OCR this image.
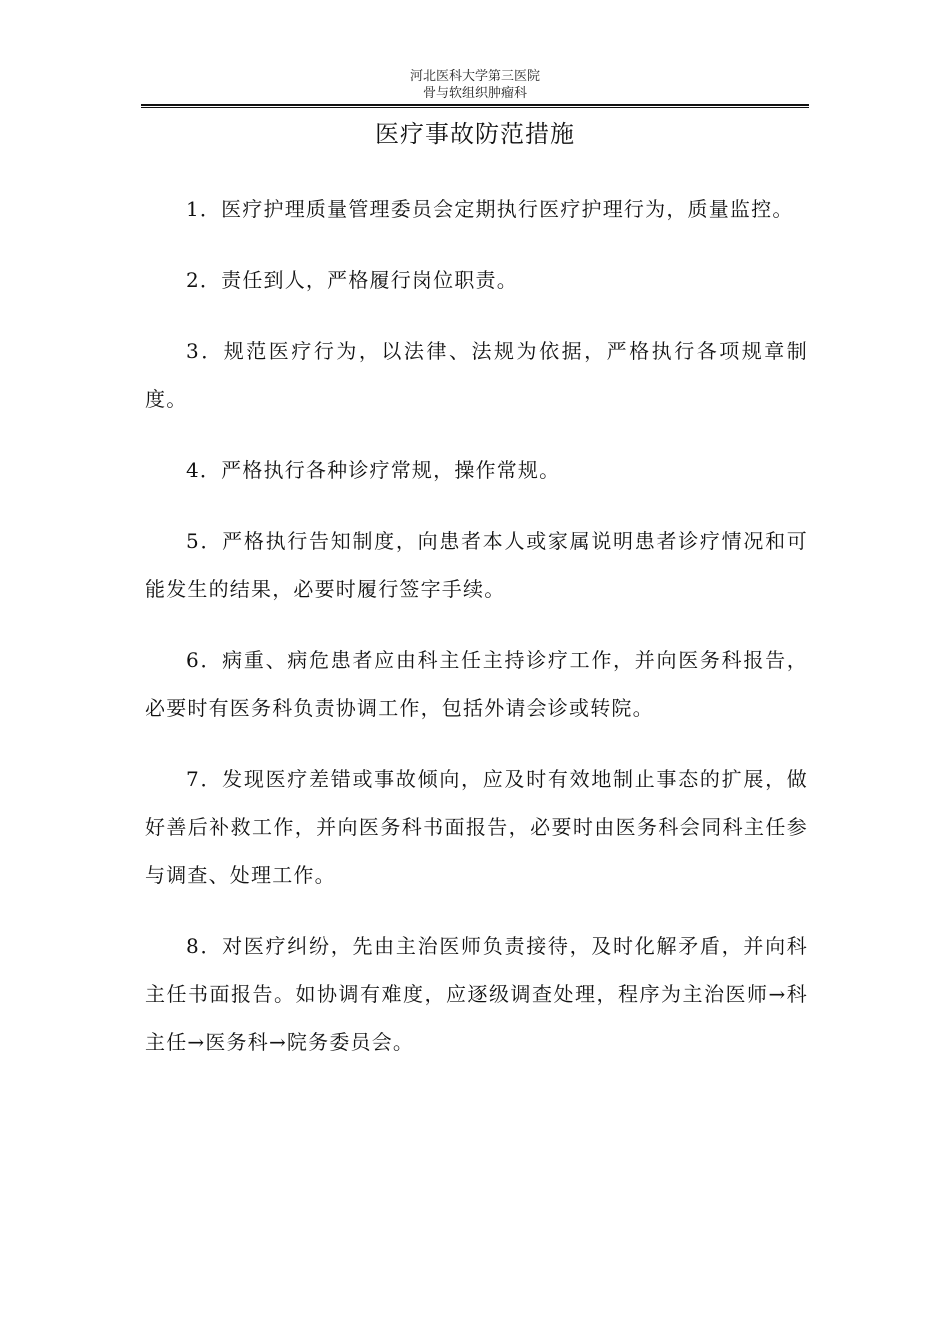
河北医科大学第三医院
骨与软组织肿瘤科
医疗事故防范措施

1．医疗护理质量管理委员会定期执行医疗护理行为，质量监控。

2．责任到人，严格履行岗位职责。

3．规范医疗行为，以法律、法规为依据，严格执行各项规章制度。

4．严格执行各种诊疗常规，操作常规。

5．严格执行告知制度，向患者本人或家属说明患者诊疗情况和可能发生的结果，必要时履行签字手续。

6．病重、病危患者应由科主任主持诊疗工作，并向医务科报告，必要时有医务科负责协调工作，包括外请会诊或转院。

7．发现医疗差错或事故倾向，应及时有效地制止事态的扩展，做好善后补救工作，并向医务科书面报告，必要时由医务科会同科主任参与调查、处理工作。

8．对医疗纠纷，先由主治医师负责接待，及时化解矛盾，并向科主任书面报告。如协调有难度，应逐级调查处理，程序为主治医师→科主任→医务科→院务委员会。
